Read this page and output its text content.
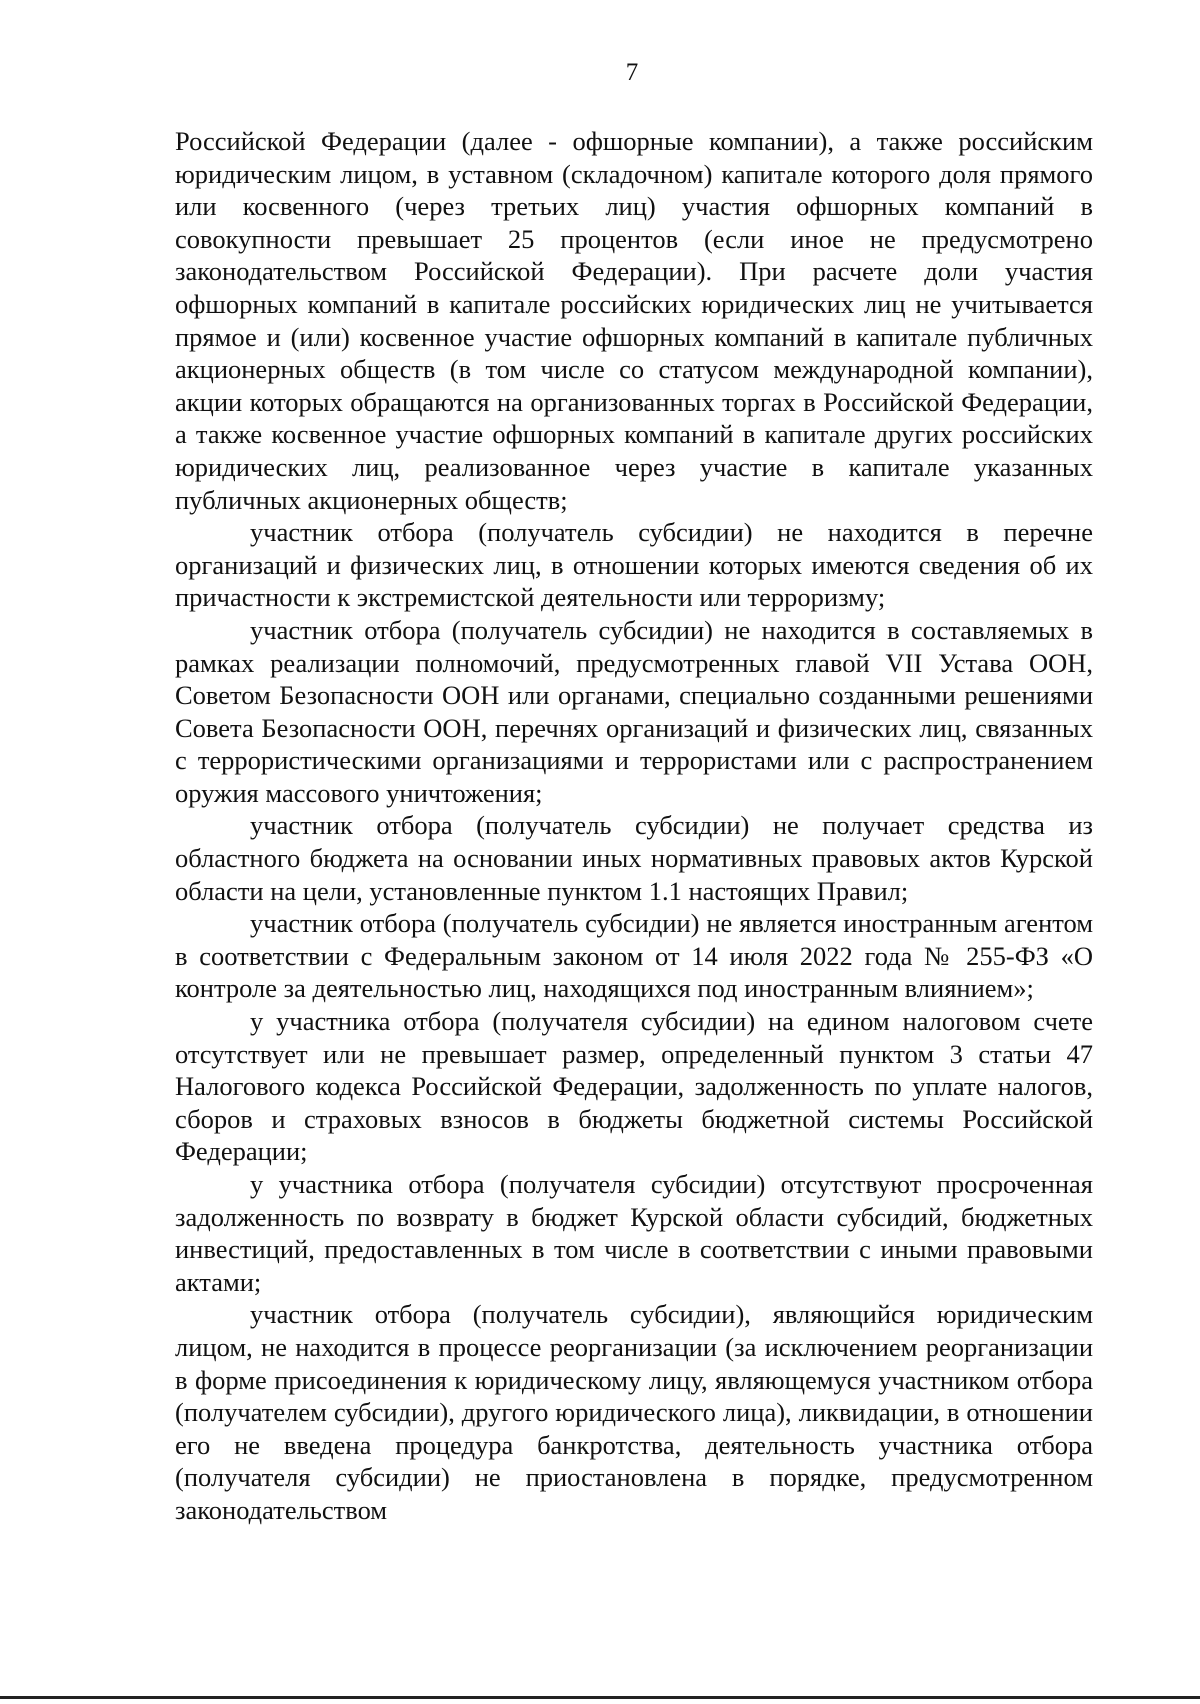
7

Российской Федерации (далее - офшорные компании), а также российским юридическим лицом, в уставном (складочном) капитале которого доля прямого или косвенного (через третьих лиц) участия офшорных компаний в совокупности превышает 25 процентов (если иное не предусмотрено законодательством Российской Федерации). При расчете доли участия офшорных компаний в капитале российских юридических лиц не учитывается прямое и (или) косвенное участие офшорных компаний в капитале публичных акционерных обществ (в том числе со статусом международной компании), акции которых обращаются на организованных торгах в Российской Федерации, а также косвенное участие офшорных компаний в капитале других российских юридических лиц, реализованное через участие в капитале указанных публичных акционерных обществ;

участник отбора (получатель субсидии) не находится в перечне организаций и физических лиц, в отношении которых имеются сведения об их причастности к экстремистской деятельности или терроризму;

участник отбора (получатель субсидии) не находится в составляемых в рамках реализации полномочий, предусмотренных главой VII Устава ООН, Советом Безопасности ООН или органами, специально созданными решениями Совета Безопасности ООН, перечнях организаций и физических лиц, связанных с террористическими организациями и террористами или с распространением оружия массового уничтожения;

участник отбора (получатель субсидии) не получает средства из областного бюджета на основании иных нормативных правовых актов Курской области на цели, установленные пунктом 1.1 настоящих Правил;

участник отбора (получатель субсидии) не является иностранным агентом в соответствии с Федеральным законом от 14 июля 2022 года № 255-ФЗ «О контроле за деятельностью лиц, находящихся под иностранным влиянием»;

у участника отбора (получателя субсидии) на едином налоговом счете отсутствует или не превышает размер, определенный пунктом 3 статьи 47 Налогового кодекса Российской Федерации, задолженность по уплате налогов, сборов и страховых взносов в бюджеты бюджетной системы Российской Федерации;

у участника отбора (получателя субсидии) отсутствуют просроченная задолженность по возврату в бюджет Курской области субсидий, бюджетных инвестиций, предоставленных в том числе в соответствии с иными правовыми актами;

участник отбора (получатель субсидии), являющийся юридическим лицом, не находится в процессе реорганизации (за исключением реорганизации в форме присоединения к юридическому лицу, являющемуся участником отбора (получателем субсидии), другого юридического лица), ликвидации, в отношении его не введена процедура банкротства, деятельность участника отбора (получателя субсидии) не приостановлена в порядке, предусмотренном законодательством
